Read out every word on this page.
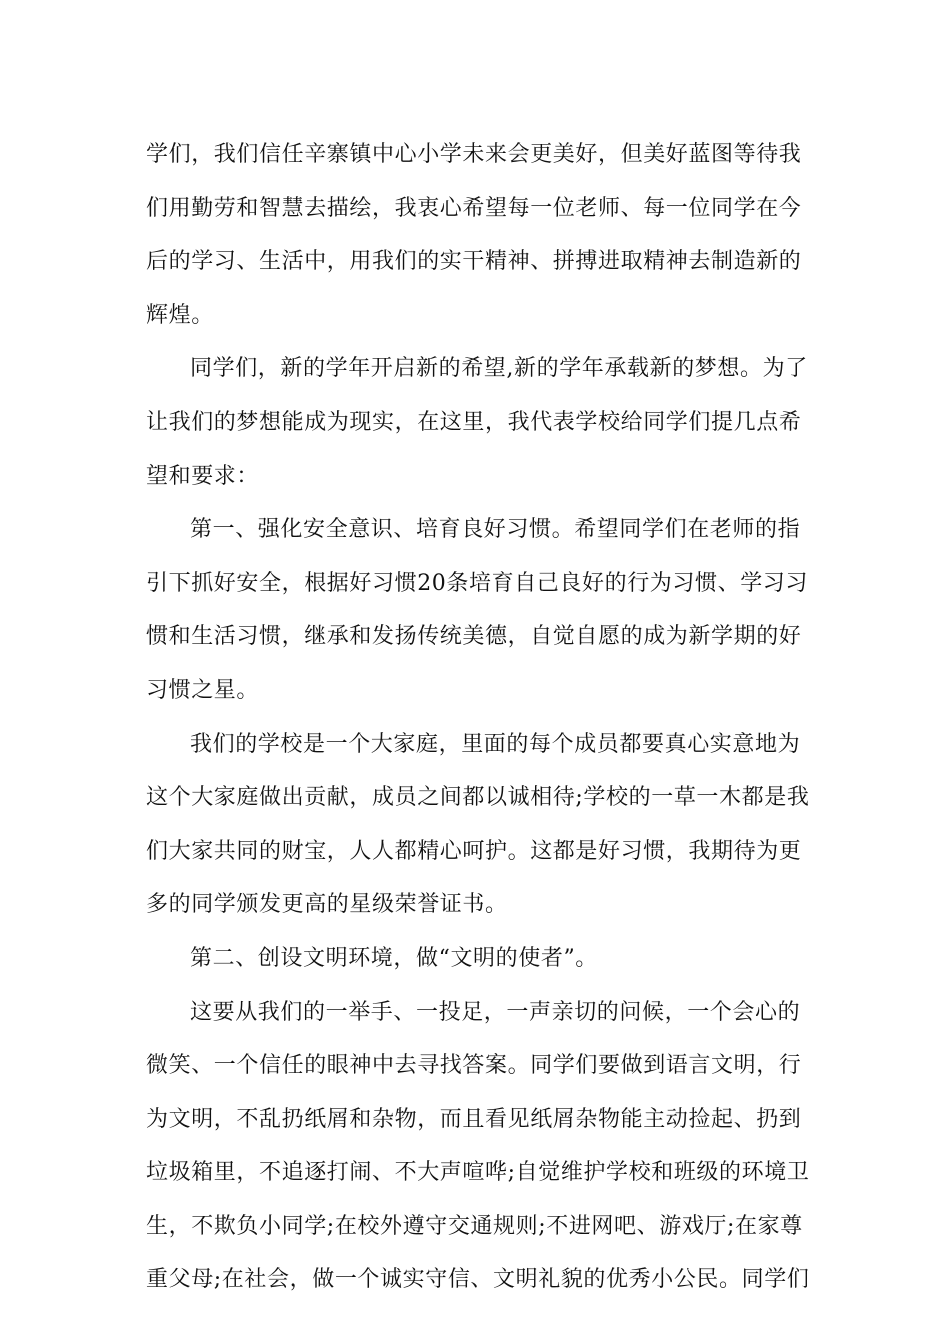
学们，我们信任辛寨镇中心小学未来会更美好，但美好蓝图等待我
们用勤劳和智慧去描绘，我衷心希望每一位老师、每一位同学在今
后的学习、生活中，用我们的实干精神、拼搏进取精神去制造新的
辉煌。
同学们，新的学年开启新的希望,新的学年承载新的梦想。为了
让我们的梦想能成为现实，在这里，我代表学校给同学们提几点希
望和要求：
第一、强化安全意识、培育良好习惯。希望同学们在老师的指
引下抓好安全，根据好习惯20条培育自己良好的行为习惯、学习习
惯和生活习惯，继承和发扬传统美德，自觉自愿的成为新学期的好
习惯之星。
我们的学校是一个大家庭，里面的每个成员都要真心实意地为
这个大家庭做出贡献，成员之间都以诚相待;学校的一草一木都是我
们大家共同的财宝，人人都精心呵护。这都是好习惯，我期待为更
多的同学颁发更高的星级荣誉证书。
第二、创设文明环境，做“文明的使者”。
这要从我们的一举手、一投足，一声亲切的问候，一个会心的
微笑、一个信任的眼神中去寻找答案。同学们要做到语言文明，行
为文明，不乱扔纸屑和杂物，而且看见纸屑杂物能主动捡起、扔到
垃圾箱里，不追逐打闹、不大声喧哗;自觉维护学校和班级的环境卫
生，不欺负小同学;在校外遵守交通规则;不进网吧、游戏厅;在家尊
重父母;在社会，做一个诚实守信、文明礼貌的优秀小公民。同学们
